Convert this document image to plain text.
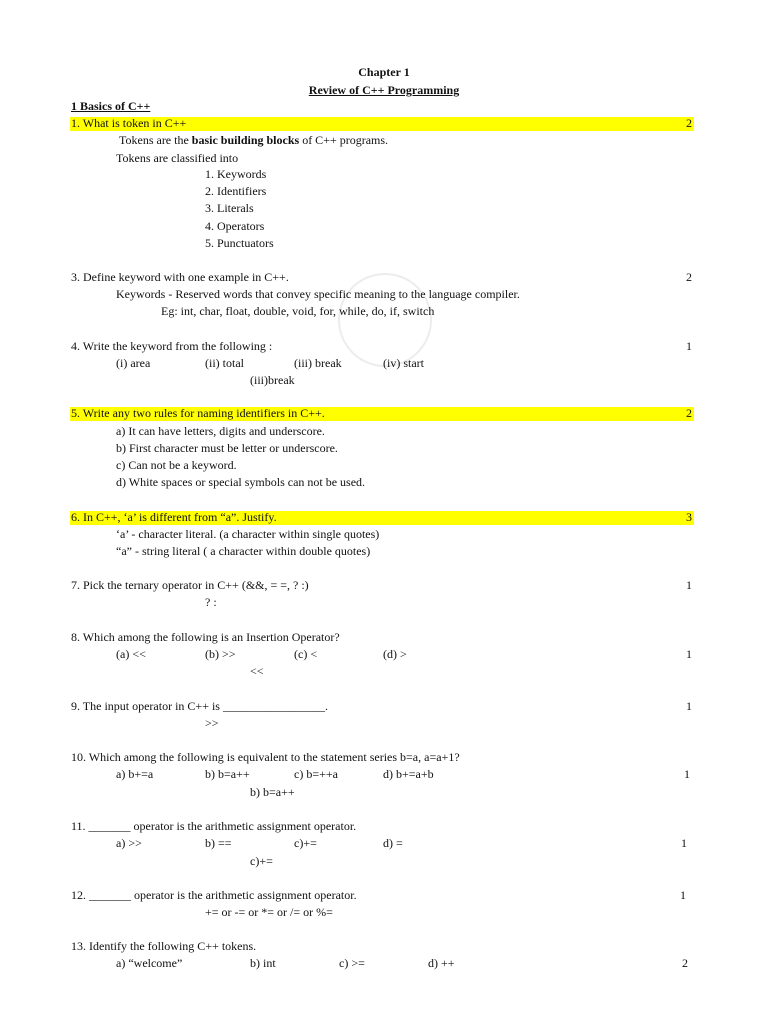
Chapter 1
Review of C++ Programming
1 Basics of C++
1. What is token in C++	2
Tokens are the basic building blocks of C++ programs.
Tokens are classified into
1. Keywords
2. Identifiers
3. Literals
4. Operators
5. Punctuators
3. Define keyword with one example in C++.	2
Keywords - Reserved words that convey specific meaning to the language compiler.
Eg: int, char, float, double, void, for, while, do, if, switch
4. Write the keyword from the following :	1
(i) area	(ii) total	(iii) break	(iv) start
(iii)break
5. Write any two rules for naming identifiers in C++.	2
a) It can have letters, digits and underscore.
b) First character must be letter or underscore.
c) Can not be a keyword.
d) White spaces or special symbols can not be used.
6. In C++, ‘a’ is different from “a”. Justify.	3
‘a’ - character literal. (a character within single quotes)
“a” - string literal ( a character within double quotes)
7. Pick the ternary operator in C++ (&&, = =, ? :)	1
? :
8. Which among the following is an Insertion Operator?
(a) <<	(b) >>	(c) <	(d) >	1
<<
9. The input operator in C++ is _________________.	1
>>
10. Which among the following is equivalent to the statement series b=a, a=a+1?
a) b+=a	b) b=a++	c) b=++a	d) b+=a+b	1
b) b=a++
11. _______ operator is the arithmetic assignment operator.
a) >>	b) ==	c)+=	d) =	1
c)+=
12. _______ operator is the arithmetic assignment operator.	1
+= or -= or *= or /= or %=
13. Identify the following C++ tokens.
a) “welcome”	b) int	c) >=	d) ++	2
